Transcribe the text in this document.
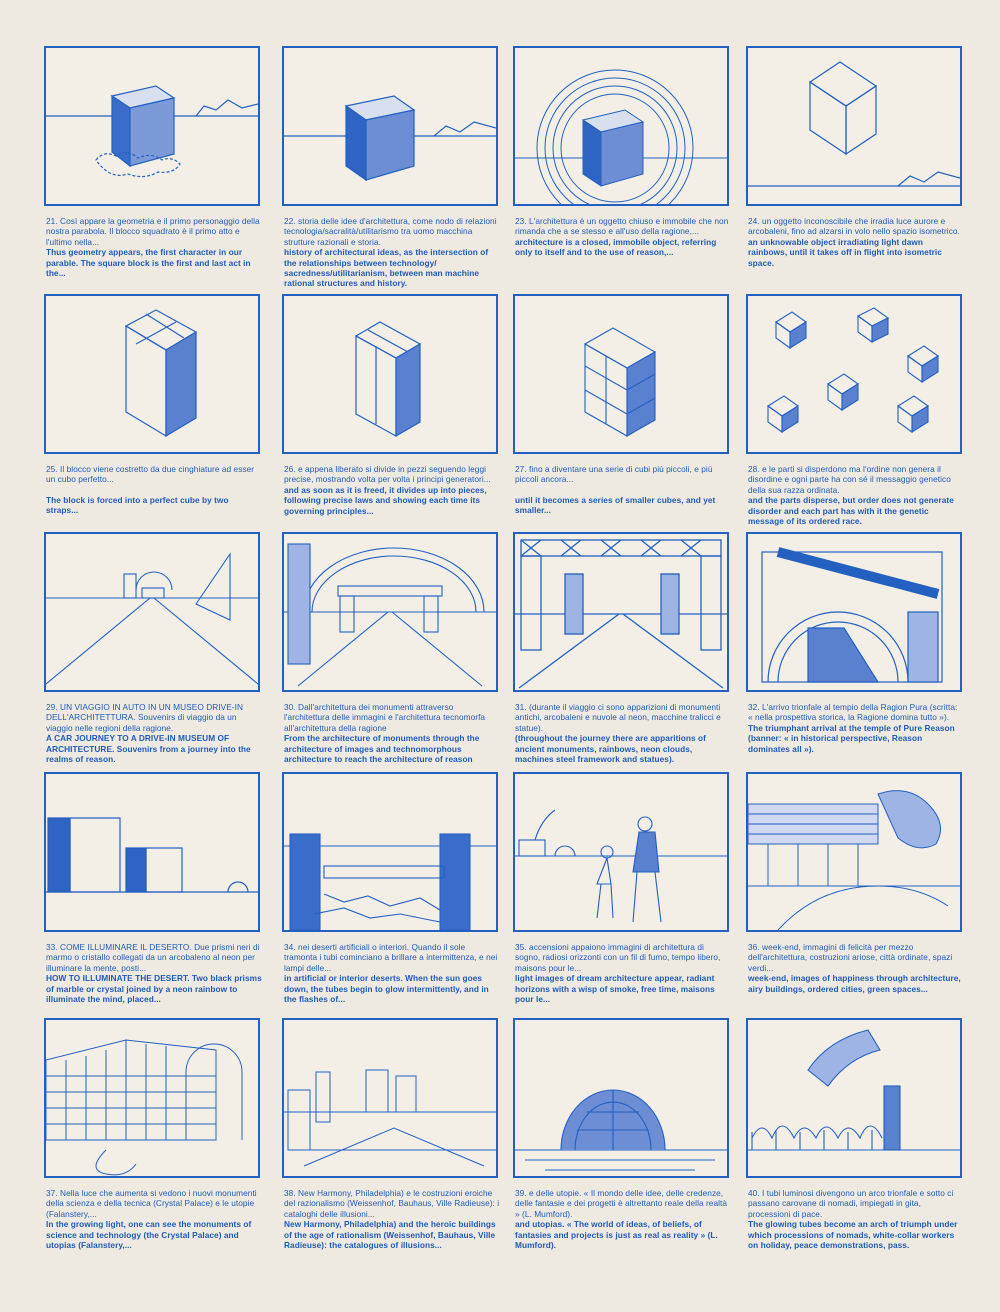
21. Così appare la geometria e il primo personaggio della nostra parabola. Il blocco squadrato è il primo atto e l'ultimo nella...
Thus geometry appears, the first character in our parable. The square block is the first and last act in the...
22. storia delle idee d'architettura, come nodo di relazioni tecnologia/sacralità/utilitarismo tra uomo macchina strutture razionali e storia.
history of architectural ideas, as the intersection of the relationships between technology/ sacredness/utilitarianism, between man machine rational structures and history.
23. L'architettura è un oggetto chiuso e immobile che non rimanda che a se stesso e all'uso della ragione,...
architecture is a closed, immobile object, referring only to itself and to the use of reason,...
24. un oggetto inconoscibile che irradia luce aurore e arcobaleni, fino ad alzarsi in volo nello spazio isometrico.
an unknowable object irradiating light dawn rainbows, until it takes off in flight into isometric space.
25. Il blocco viene costretto da due cinghiature ad esser un cubo perfetto...
The block is forced into a perfect cube by two straps...
26. e appena liberato si divide in pezzi seguendo leggi precise, mostrando volta per volta i principi generatori...
and as soon as it is freed, it divides up into pieces, following precise laws and showing each time its governing principles...
27. fino a diventare una serie di cubi più piccoli, e più piccoli ancora...
until it becomes a series of smaller cubes, and yet smaller...
28. e le parti si disperdono ma l'ordine non genera il disordine e ogni parte ha con sé il messaggio genetico della sua razza ordinata.
and the parts disperse, but order does not generate disorder and each part has with it the genetic message of its ordered race.
29. UN VIAGGIO IN AUTO IN UN MUSEO DRIVE-IN DELL'ARCHITETTURA. Souvenirs di viaggio da un viaggio nelle regioni della ragione.
A CAR JOURNEY TO A DRIVE-IN MUSEUM OF ARCHITECTURE. Souvenirs from a journey into the realms of reason.
30. Dall'architettura dei monumenti attraverso l'architettura delle immagini e l'architettura tecnomorfa all'architettura della ragione
From the architecture of monuments through the architecture of images and technomorphous architecture to reach the architecture of reason
31. (durante il viaggio ci sono apparizioni di monumenti antichi, arcobaleni e nuvole al neon, macchine tralicci e statue).
(throughout the journey there are apparitions of ancient monuments, rainbows, neon clouds, machines steel framework and statues).
32. L'arrivo trionfale al tempio della Ragion Pura (scritta: « nella prospettiva storica, la Ragione domina tutto »).
The triumphant arrival at the temple of Pure Reason (banner: « in historical perspective, Reason dominates all »).
33. COME ILLUMINARE IL DESERTO. Due prismi neri di marmo o cristallo collegati da un arcobaleno al neon per illuminare la mente, posti...
HOW TO ILLUMINATE THE DESERT. Two black prisms of marble or crystal joined by a neon rainbow to illuminate the mind, placed...
34. nei deserti artificiali o interiori. Quando il sole tramonta i tubi cominciano a brillare a intermittenza, e nei lampi delle...
in artificial or interior deserts. When the sun goes down, the tubes begin to glow intermittently, and in the flashes of...
35. accensioni appaiono immagini di architettura di sogno, radiosi orizzonti con un fil di fumo, tempo libero, maisons pour le...
light images of dream architecture appear, radiant horizons with a wisp of smoke, free time, maisons pour le...
36. week-end, immagini di felicità per mezzo dell'architettura, costruzioni ariose, città ordinate, spazi verdi...
week-end, images of happiness through architecture, airy buildings, ordered cities, green spaces...
37. Nella luce che aumenta si vedono i nuovi monumenti della scienza e della tecnica (Crystal Palace) e le utopie (Falanstery,...
In the growing light, one can see the monuments of science and technology (the Crystal Palace) and utopias (Falanstery,...
38. New Harmony, Philadelphia) e le costruzioni eroiche del razionalismo (Weissenhof, Bauhaus, Ville Radieuse): i cataloghi delle illusioni...
New Harmony, Philadelphia) and the heroic buildings of the age of rationalism (Weissenhof, Bauhaus, Ville Radieuse): the catalogues of illusions...
39. e delle utopie. « Il mondo delle idee, delle credenze, delle fantasie e dei progetti è altrettanto reale della realtà » (L. Mumford).
and utopias. « The world of ideas, of beliefs, of fantasies and projects is just as real as reality » (L. Mumford).
40. I tubi luminosi divengono un arco trionfale e sotto ci passano carovane di nomadi, impiegati in gita, processioni di pace.
The glowing tubes become an arch of triumph under which processions of nomads, white-collar workers on holiday, peace demonstrations, pass.
